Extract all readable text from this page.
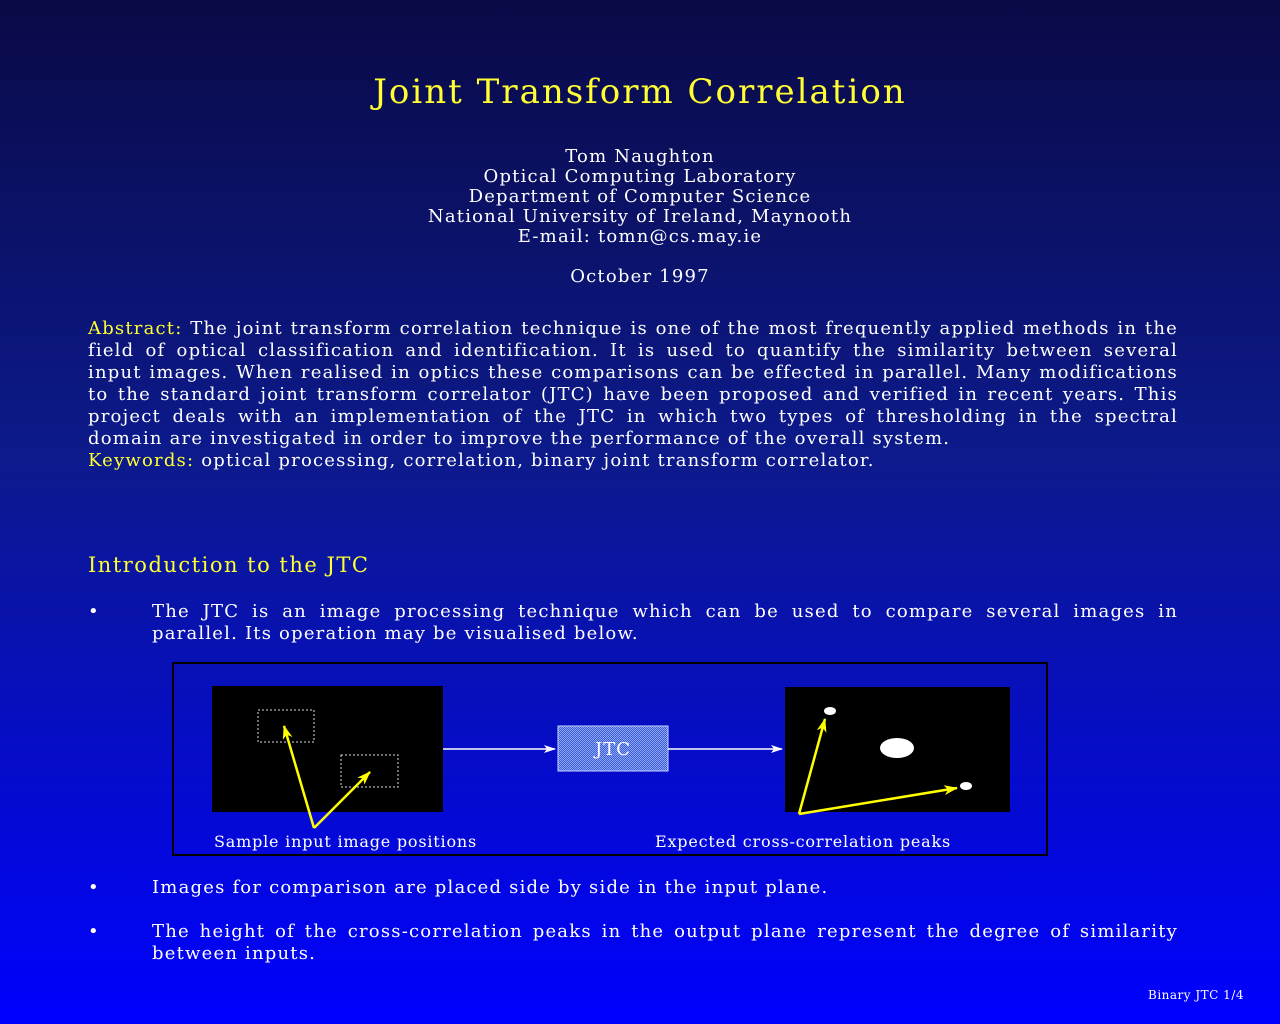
Joint Transform Correlation
Tom Naughton
Optical Computing Laboratory
Department of Computer Science
National University of Ireland, Maynooth
E-mail: tomn@cs.may.ie
October 1997

Abstract: The joint transform correlation technique is one of the most frequently applied methods in the field of optical classification and identification. It is used to quantify the similarity between several input images. When realised in optics these comparisons can be effected in parallel. Many modifications to the standard joint transform correlator (JTC) have been proposed and verified in recent years. This project deals with an implementation of the JTC in which two types of thresholding in the spectral domain are investigated in order to improve the performance of the overall system.
Keywords: optical processing, correlation, binary joint transform correlator.

Introduction to the JTC
•	The JTC is an image processing technique which can be used to compare several images in parallel. Its operation may be visualised below.
JTC
Sample input image positions	Expected cross-correlation peaks
•	Images for comparison are placed side by side in the input plane.
•	The height of the cross-correlation peaks in the output plane represent the degree of similarity between inputs.
Binary JTC 1/4
